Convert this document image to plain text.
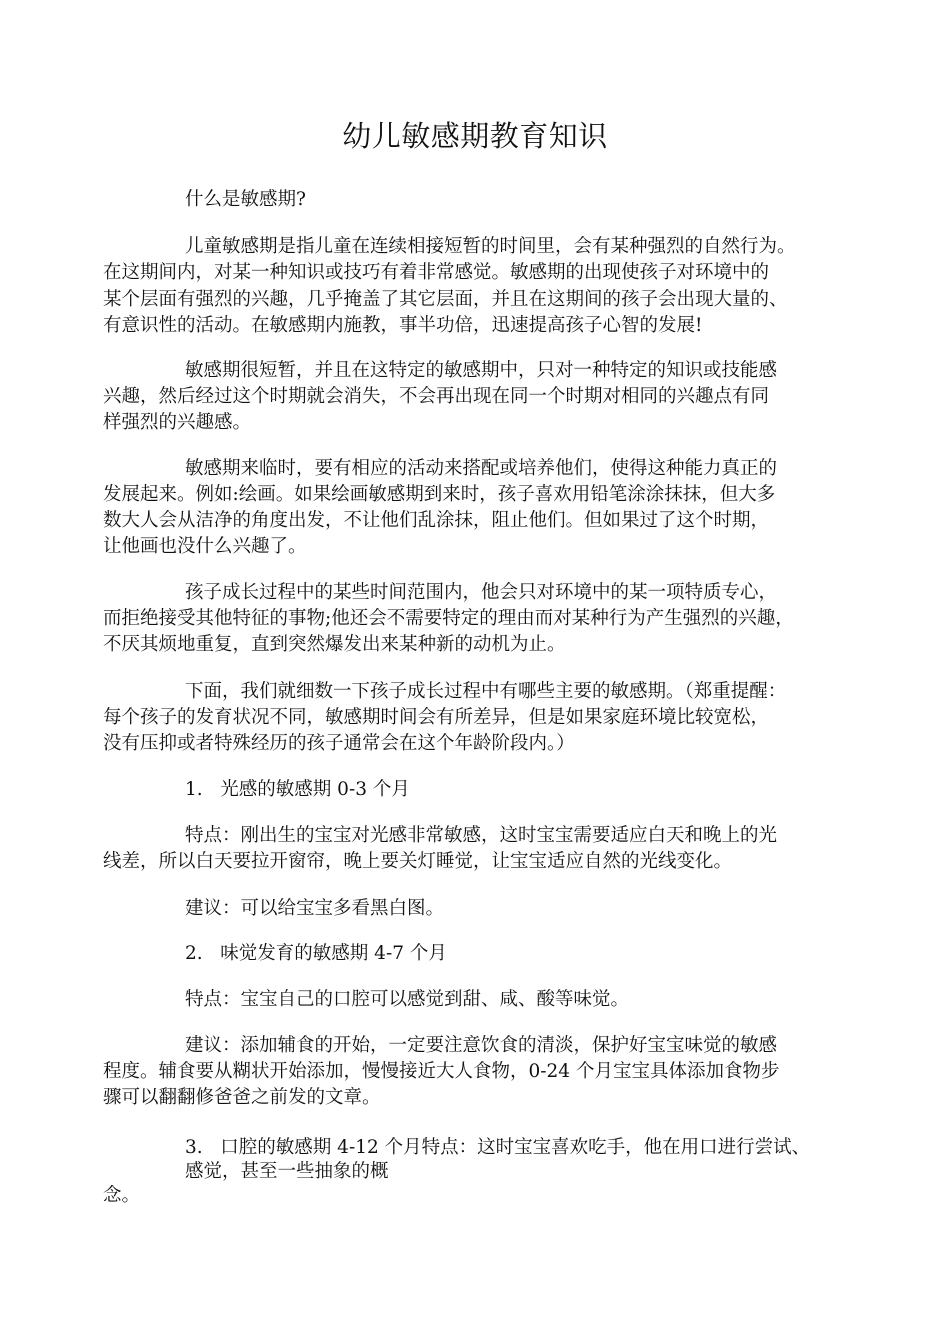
幼儿敏感期教育知识
什么是敏感期?
儿童敏感期是指儿童在连续相接短暂的时间里，会有某种强烈的自然行为。
在这期间内，对某一种知识或技巧有着非常感觉。敏感期的出现使孩子对环境中的
某个层面有强烈的兴趣，几乎掩盖了其它层面，并且在这期间的孩子会出现大量的、
有意识性的活动。在敏感期内施教，事半功倍，迅速提高孩子心智的发展!
敏感期很短暂，并且在这特定的敏感期中，只对一种特定的知识或技能感
兴趣，然后经过这个时期就会消失，不会再出现在同一个时期对相同的兴趣点有同
样强烈的兴趣感。
敏感期来临时，要有相应的活动来搭配或培养他们，使得这种能力真正的
发展起来。例如:绘画。如果绘画敏感期到来时，孩子喜欢用铅笔涂涂抹抹，但大多
数大人会从洁净的角度出发，不让他们乱涂抹，阻止他们。但如果过了这个时期，
让他画也没什么兴趣了。
孩子成长过程中的某些时间范围内，他会只对环境中的某一项特质专心，
而拒绝接受其他特征的事物;他还会不需要特定的理由而对某种行为产生强烈的兴趣，
不厌其烦地重复，直到突然爆发出来某种新的动机为止。
下面，我们就细数一下孩子成长过程中有哪些主要的敏感期。（郑重提醒：
每个孩子的发育状况不同，敏感期时间会有所差异，但是如果家庭环境比较宽松，
没有压抑或者特殊经历的孩子通常会在这个年龄阶段内。）
1.   光感的敏感期 0-3 个月
特点：刚出生的宝宝对光感非常敏感，这时宝宝需要适应白天和晚上的光
线差，所以白天要拉开窗帘，晚上要关灯睡觉，让宝宝适应自然的光线变化。
建议：可以给宝宝多看黑白图。
2.   味觉发育的敏感期 4-7 个月
特点：宝宝自己的口腔可以感觉到甜、咸、酸等味觉。
建议：添加辅食的开始，一定要注意饮食的清淡，保护好宝宝味觉的敏感
程度。辅食要从糊状开始添加，慢慢接近大人食物，0-24 个月宝宝具体添加食物步
骤可以翻翻修爸爸之前发的文章。
3.   口腔的敏感期 4-12 个月特点：这时宝宝喜欢吃手，他在用口进行尝试、
感觉，甚至一些抽象的概
念。
